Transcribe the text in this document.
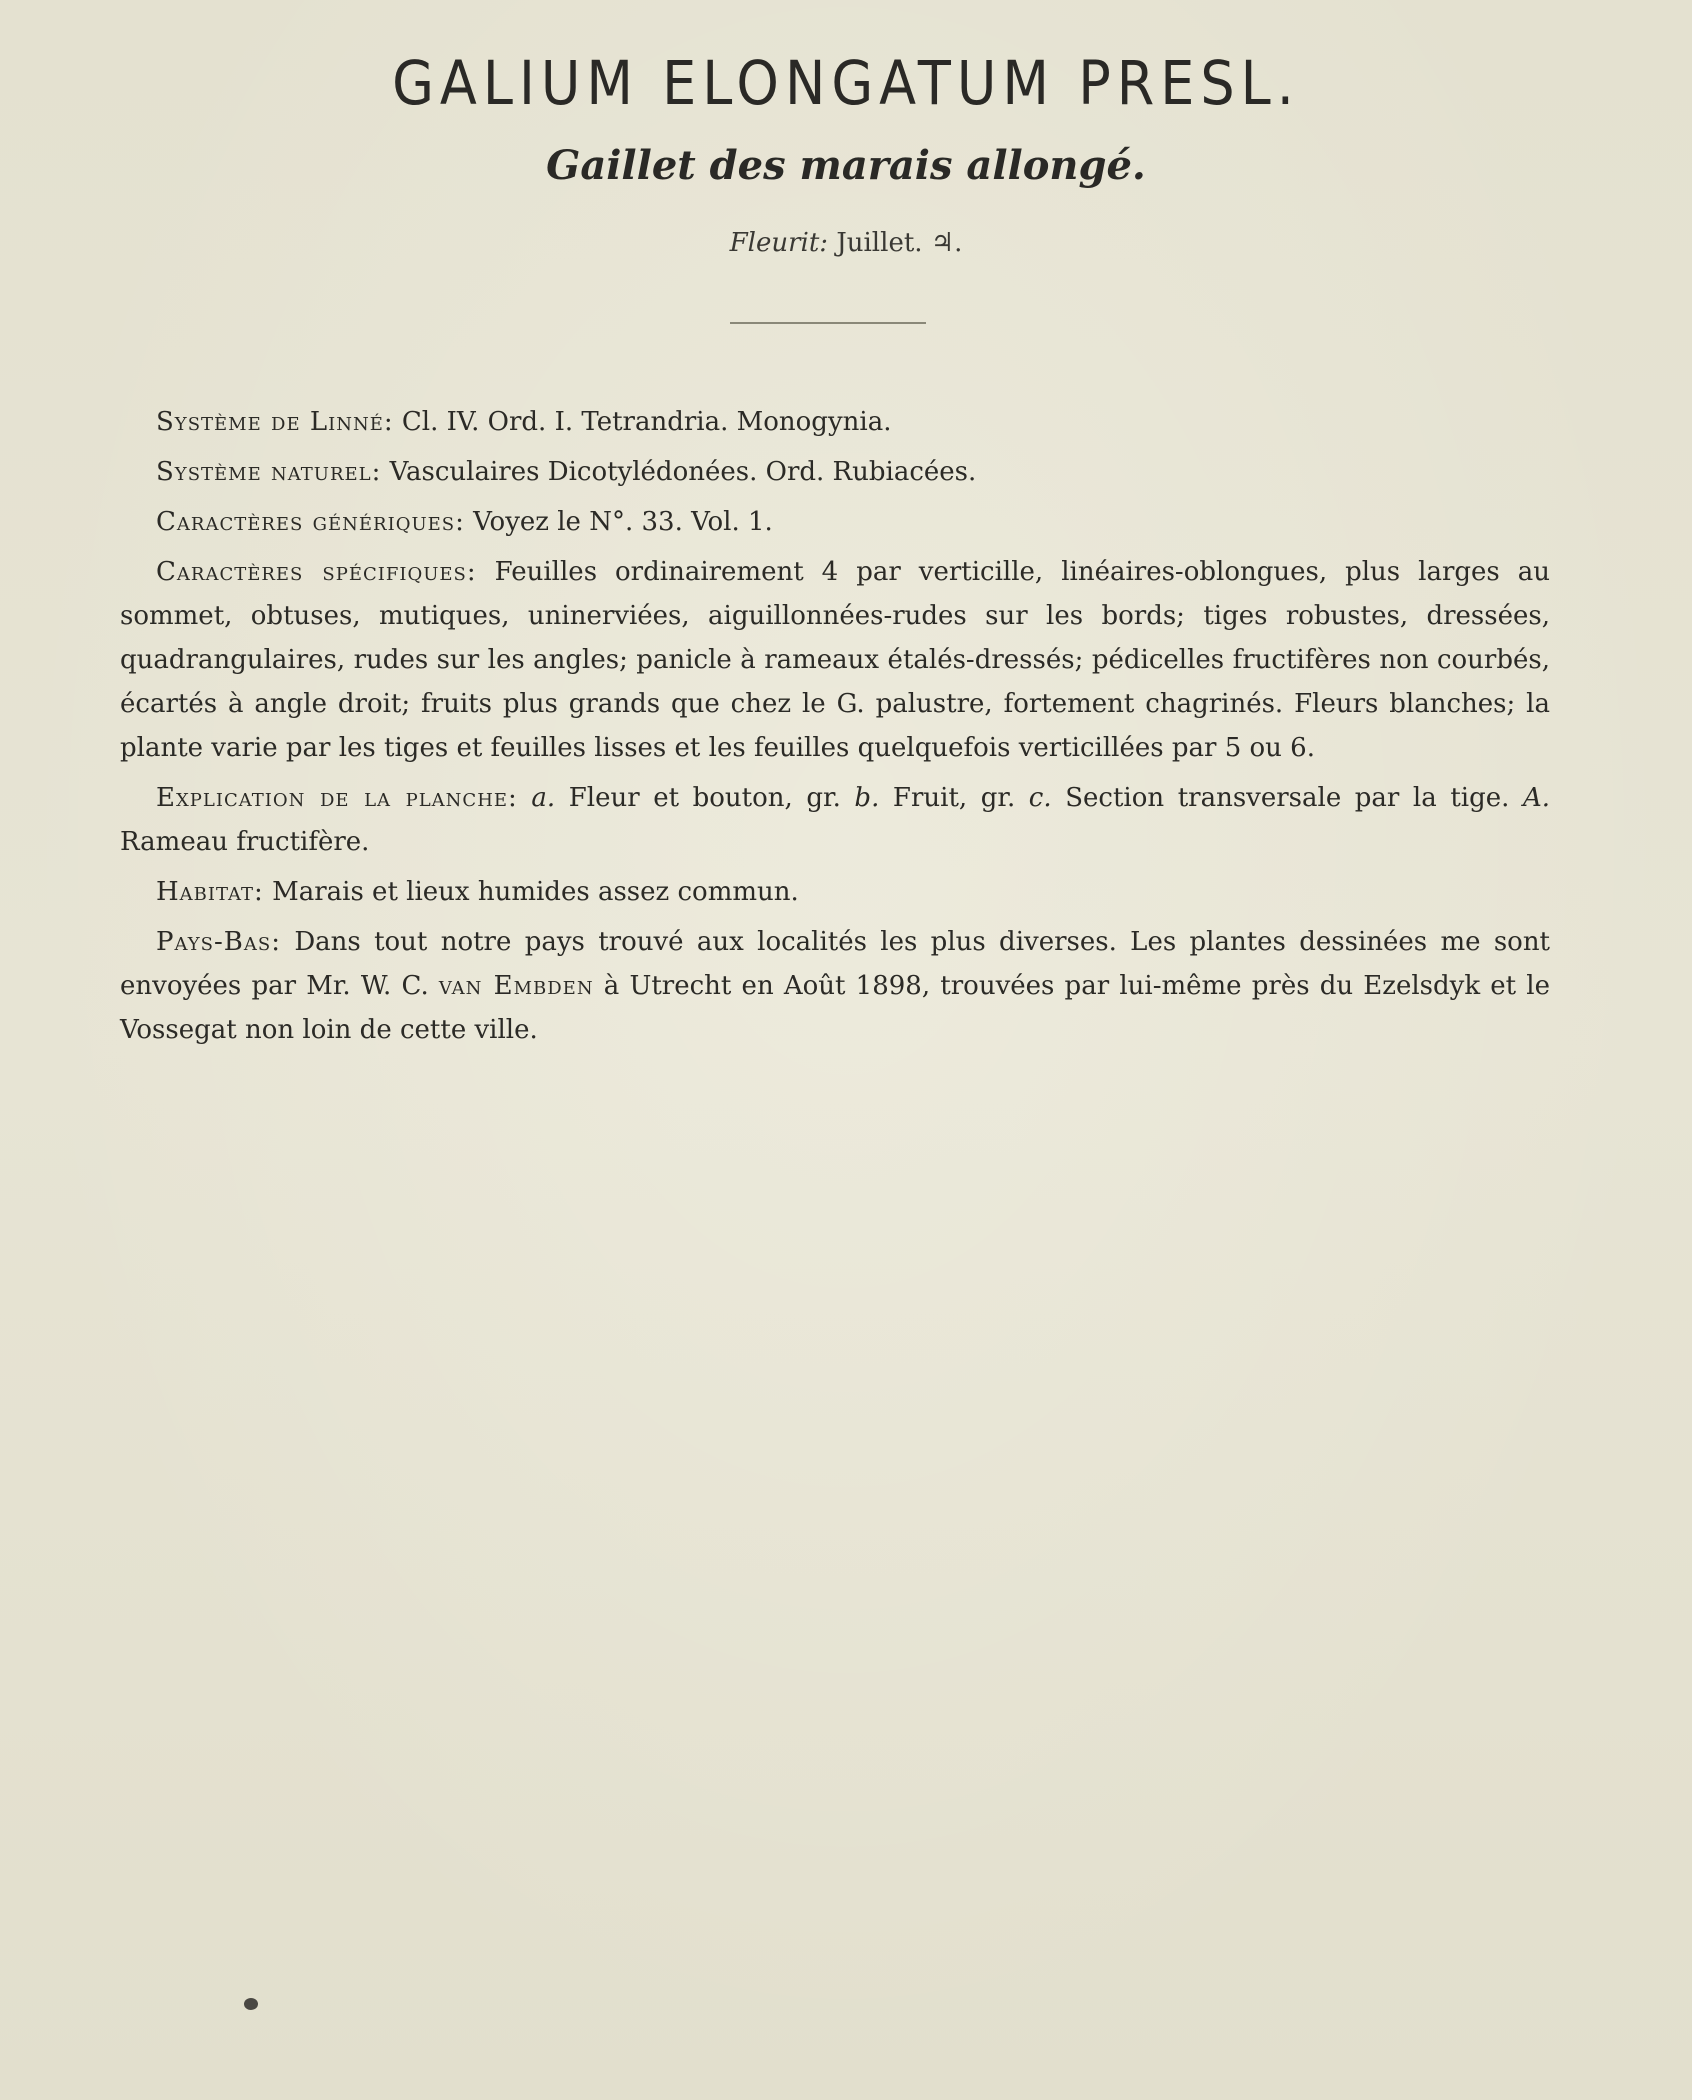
GALIUM ELONGATUM PRESL.
Gaillet des marais allongé.
Fleurit: Juillet. ♃.

Système de Linné: Cl. IV. Ord. I. Tetrandria. Monogynia.

Système naturel: Vasculaires Dicotylédonées. Ord. Rubiacées.

Caractères génériques: Voyez le N°. 33. Vol. 1.

Caractères spécifiques: Feuilles ordinairement 4 par verticille, linéaires-oblongues, plus larges au sommet, obtuses, mutiques, uninerviées, aiguillonnées-rudes sur les bords; tiges robustes, dressées, quadrangulaires, rudes sur les angles; panicle à rameaux étalés-dressés; pédicelles fructifères non courbés, écartés à angle droit; fruits plus grands que chez le G. palustre, fortement chagrinés. Fleurs blanches; la plante varie par les tiges et feuilles lisses et les feuilles quelquefois verticillées par 5 ou 6.

Explication de la planche: a. Fleur et bouton, gr. b. Fruit, gr. c. Section transversale par la tige. A. Rameau fructifère.

Habitat: Marais et lieux humides assez commun.

Pays-Bas: Dans tout notre pays trouvé aux localités les plus diverses. Les plantes dessinées me sont envoyées par Mr. W. C. van Embden à Utrecht en Août 1898, trouvées par lui-même près du Ezelsdyk et le Vossegat non loin de cette ville.
